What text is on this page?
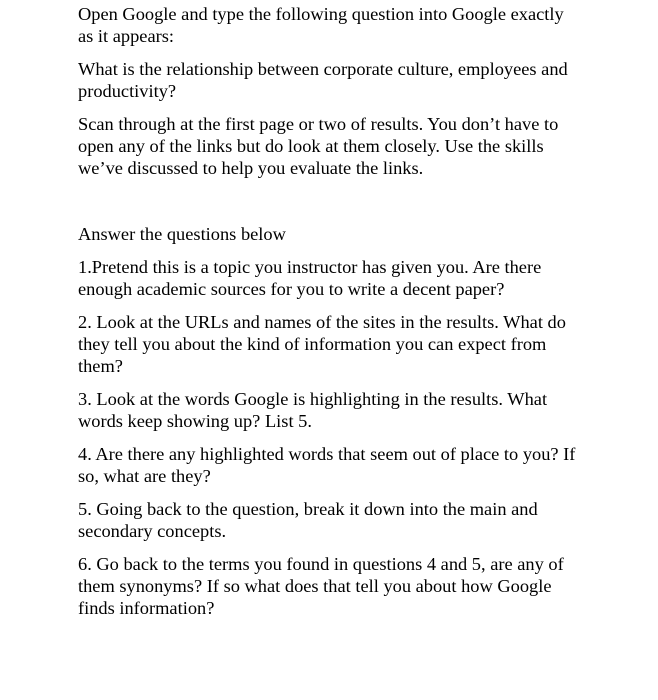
Open Google and type the following question into Google exactly as it appears:

What is the relationship between corporate culture, employees and productivity?

Scan through at the first page or two of results. You don’t have to open any of the links but do look at them closely. Use the skills we’ve discussed to help you evaluate the links.

Answer the questions below

1.Pretend this is a topic you instructor has given you. Are there enough academic sources for you to write a decent paper?

2. Look at the URLs and names of the sites in the results. What do they tell you about the kind of information you can expect from them?

3. Look at the words Google is highlighting in the results. What words keep showing up? List 5.

4. Are there any highlighted words that seem out of place to you? If so, what are they?

5. Going back to the question, break it down into the main and secondary concepts.

6. Go back to the terms you found in questions 4 and 5, are any of them synonyms? If so what does that tell you about how Google finds information?
